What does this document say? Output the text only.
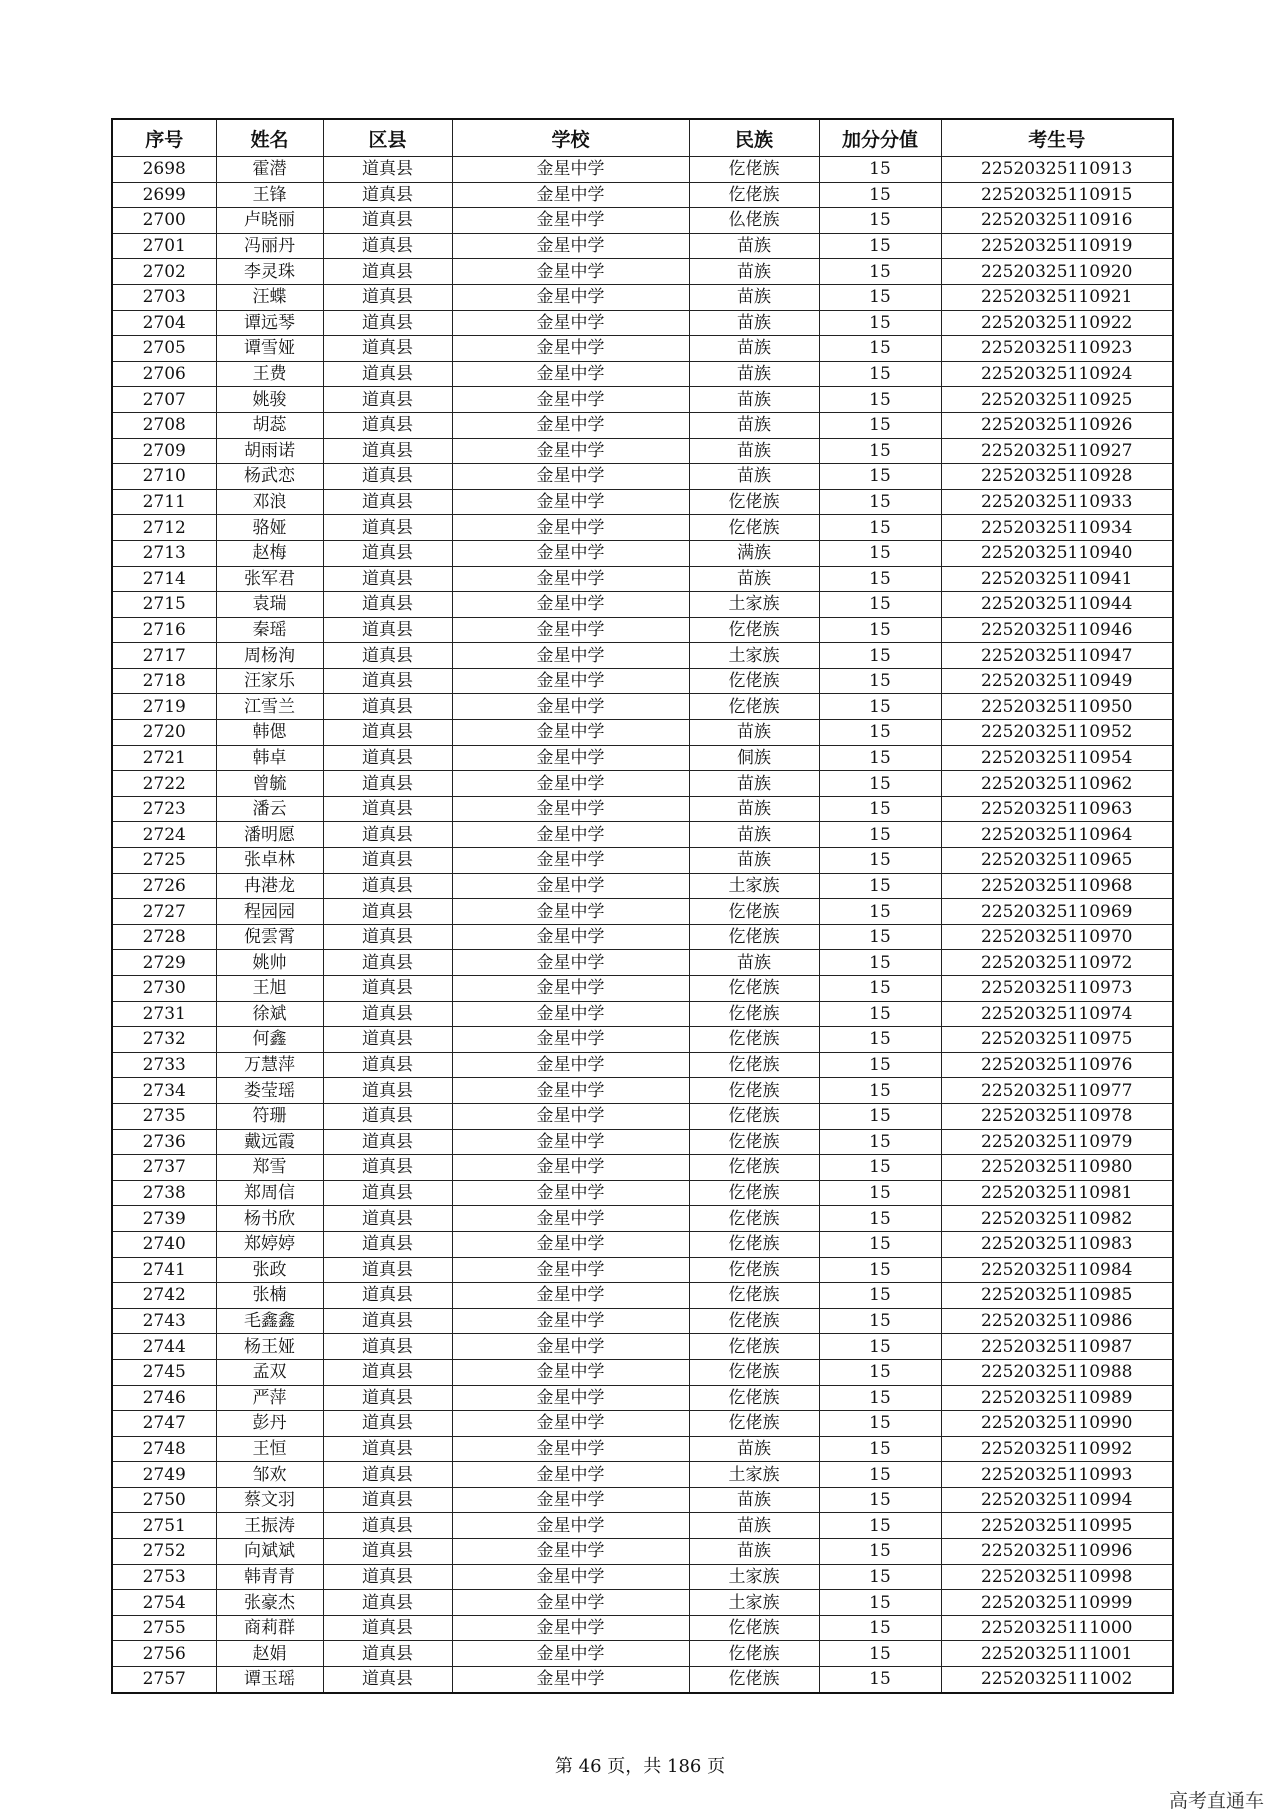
序号	姓名	区县	学校	民族	加分分值	考生号
2698	霍潜	道真县	金星中学	仡佬族	15	22520325110913
2699	王锋	道真县	金星中学	仡佬族	15	22520325110915
2700	卢晓丽	道真县	金星中学	仫佬族	15	22520325110916
2701	冯丽丹	道真县	金星中学	苗族	15	22520325110919
2702	李灵珠	道真县	金星中学	苗族	15	22520325110920
2703	汪蝶	道真县	金星中学	苗族	15	22520325110921
2704	谭远琴	道真县	金星中学	苗族	15	22520325110922
2705	谭雪娅	道真县	金星中学	苗族	15	22520325110923
2706	王费	道真县	金星中学	苗族	15	22520325110924
2707	姚骏	道真县	金星中学	苗族	15	22520325110925
2708	胡蕊	道真县	金星中学	苗族	15	22520325110926
2709	胡雨诺	道真县	金星中学	苗族	15	22520325110927
2710	杨武恋	道真县	金星中学	苗族	15	22520325110928
2711	邓浪	道真县	金星中学	仡佬族	15	22520325110933
2712	骆娅	道真县	金星中学	仡佬族	15	22520325110934
2713	赵梅	道真县	金星中学	满族	15	22520325110940
2714	张军君	道真县	金星中学	苗族	15	22520325110941
2715	袁瑞	道真县	金星中学	土家族	15	22520325110944
2716	秦瑶	道真县	金星中学	仡佬族	15	22520325110946
2717	周杨洵	道真县	金星中学	土家族	15	22520325110947
2718	汪家乐	道真县	金星中学	仡佬族	15	22520325110949
2719	江雪兰	道真县	金星中学	仡佬族	15	22520325110950
2720	韩偲	道真县	金星中学	苗族	15	22520325110952
2721	韩卓	道真县	金星中学	侗族	15	22520325110954
2722	曾毓	道真县	金星中学	苗族	15	22520325110962
2723	潘云	道真县	金星中学	苗族	15	22520325110963
2724	潘明愿	道真县	金星中学	苗族	15	22520325110964
2725	张卓林	道真县	金星中学	苗族	15	22520325110965
2726	冉港龙	道真县	金星中学	土家族	15	22520325110968
2727	程园园	道真县	金星中学	仡佬族	15	22520325110969
2728	倪雲霄	道真县	金星中学	仡佬族	15	22520325110970
2729	姚帅	道真县	金星中学	苗族	15	22520325110972
2730	王旭	道真县	金星中学	仡佬族	15	22520325110973
2731	徐斌	道真县	金星中学	仡佬族	15	22520325110974
2732	何鑫	道真县	金星中学	仡佬族	15	22520325110975
2733	万慧萍	道真县	金星中学	仡佬族	15	22520325110976
2734	娄莹瑶	道真县	金星中学	仡佬族	15	22520325110977
2735	符珊	道真县	金星中学	仡佬族	15	22520325110978
2736	戴远霞	道真县	金星中学	仡佬族	15	22520325110979
2737	郑雪	道真县	金星中学	仡佬族	15	22520325110980
2738	郑周信	道真县	金星中学	仡佬族	15	22520325110981
2739	杨书欣	道真县	金星中学	仡佬族	15	22520325110982
2740	郑婷婷	道真县	金星中学	仡佬族	15	22520325110983
2741	张政	道真县	金星中学	仡佬族	15	22520325110984
2742	张楠	道真县	金星中学	仡佬族	15	22520325110985
2743	毛鑫鑫	道真县	金星中学	仡佬族	15	22520325110986
2744	杨王娅	道真县	金星中学	仡佬族	15	22520325110987
2745	孟双	道真县	金星中学	仡佬族	15	22520325110988
2746	严萍	道真县	金星中学	仡佬族	15	22520325110989
2747	彭丹	道真县	金星中学	仡佬族	15	22520325110990
2748	王恒	道真县	金星中学	苗族	15	22520325110992
2749	邹欢	道真县	金星中学	土家族	15	22520325110993
2750	蔡文羽	道真县	金星中学	苗族	15	22520325110994
2751	王振涛	道真县	金星中学	苗族	15	22520325110995
2752	向斌斌	道真县	金星中学	苗族	15	22520325110996
2753	韩青青	道真县	金星中学	土家族	15	22520325110998
2754	张豪杰	道真县	金星中学	土家族	15	22520325110999
2755	商莉群	道真县	金星中学	仡佬族	15	22520325111000
2756	赵娟	道真县	金星中学	仡佬族	15	22520325111001
2757	谭玉瑶	道真县	金星中学	仡佬族	15	22520325111002
第 46 页，共 186 页
高考直通车
